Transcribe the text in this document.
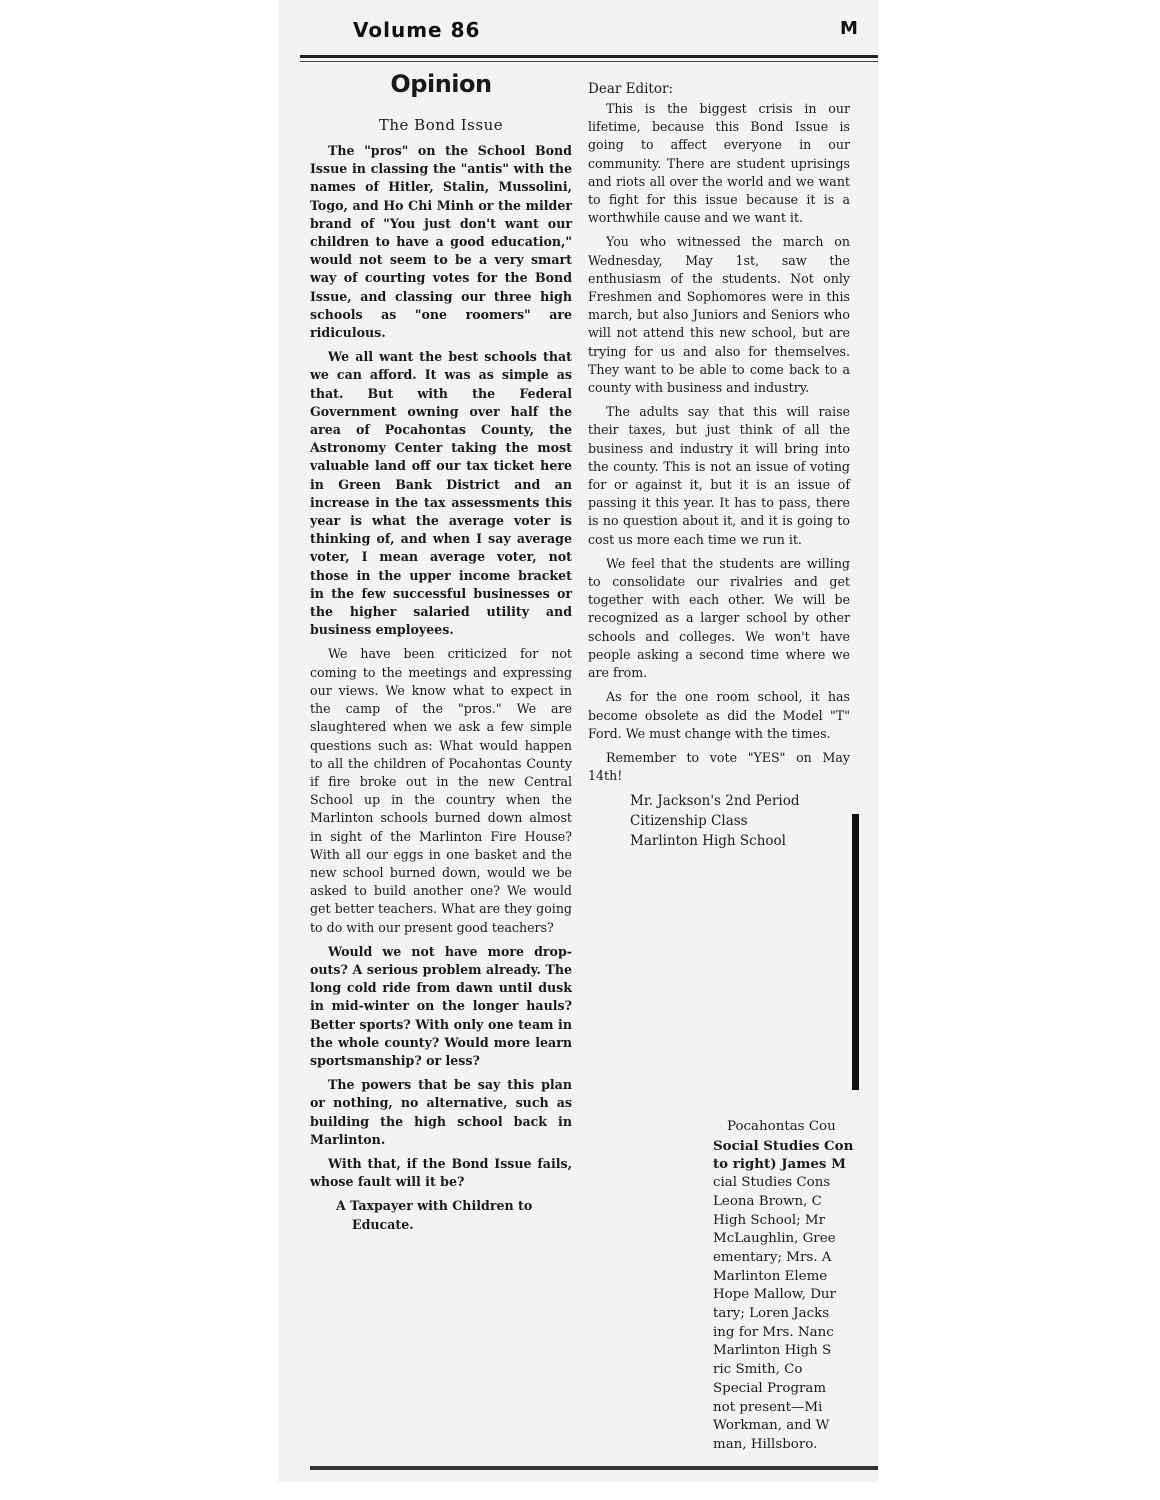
Volume 86	M
Opinion
The Bond Issue

The "pros" on the School Bond Issue in classing the "antis" with the names of Hitler, Stalin, Mussolini, Togo, and Ho Chi Minh or the milder brand of "You just don't want our children to have a good education," would not seem to be a very smart way of courting votes for the Bond Issue, and classing our three high schools as "one roomers" are ridiculous.

We all want the best schools that we can afford. It was as simple as that. But with the Federal Government owning over half the area of Pocahontas County, the Astronomy Center taking the most valuable land off our tax ticket here in Green Bank District and an increase in the tax assessments this year is what the average voter is thinking of, and when I say average voter, I mean average voter, not those in the upper income bracket in the few successful businesses or the higher salaried utility and business employees.

We have been criticized for not coming to the meetings and expressing our views. We know what to expect in the camp of the "pros." We are slaughtered when we ask a few simple questions such as: What would happen to all the children of Pocahontas County if fire broke out in the new Central School up in the country when the Marlinton schools burned down almost in sight of the Marlinton Fire House? With all our eggs in one basket and the new school burned down, would we be asked to build another one? We would get better teachers. What are they going to do with our present good teachers?

Would we not have more drop-outs? A serious problem already. The long cold ride from dawn until dusk in mid-winter on the longer hauls? Better sports? With only one team in the whole county? Would more learn sportsmanship? or less?

The powers that be say this plan or nothing, no alternative, such as building the high school back in Marlinton.

With that, if the Bond Issue fails, whose fault will it be?

A Taxpayer with Children to

Educate.

Dear Editor:

This is the biggest crisis in our lifetime, because this Bond Issue is going to affect everyone in our community. There are student uprisings and riots all over the world and we want to fight for this issue because it is a worthwhile cause and we want it.

You who witnessed the march on Wednesday, May 1st, saw the enthusiasm of the students. Not only Freshmen and Sophomores were in this march, but also Juniors and Seniors who will not attend this new school, but are trying for us and also for themselves. They want to be able to come back to a county with business and industry.

The adults say that this will raise their taxes, but just think of all the business and industry it will bring into the county. This is not an issue of voting for or against it, but it is an issue of passing it this year. It has to pass, there is no question about it, and it is going to cost us more each time we run it.

We feel that the students are willing to consolidate our rivalries and get together with each other. We will be recognized as a larger school by other schools and colleges. We won't have people asking a second time where we are from.

As for the one room school, it has become obsolete as did the Model "T" Ford. We must change with the times.

Remember to vote "YES" on May 14th!

Mr. Jackson's 2nd Period
Citizenship Class
Marlinton High School
Pocahontas Cou
Social Studies Con
to right) James M
cial Studies Cons
Leona Brown, C
High School; Mr
McLaughlin, Gree
ementary; Mrs. A
Marlinton Eleme
Hope Mallow, Dur
tary; Loren Jacks
ing for Mrs. Nanc
Marlinton High S
ric Smith, Co
Special Program
not present—Mi
Workman, and W
man, Hillsboro.
